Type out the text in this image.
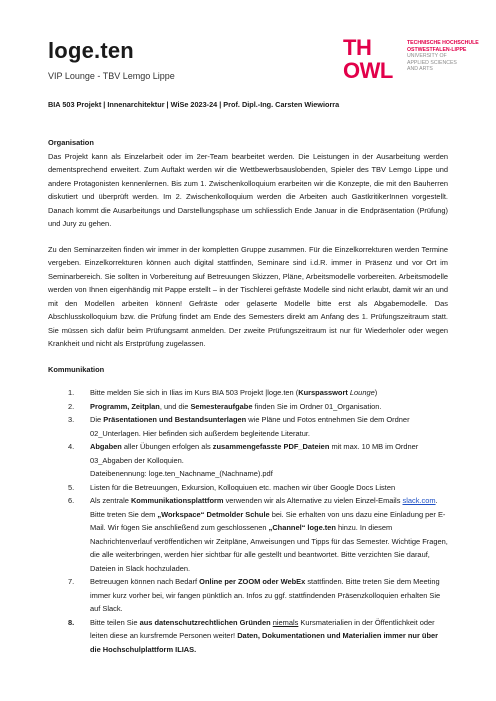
loge.ten
VIP Lounge - TBV Lemgo Lippe
TH
OWL
TECHNISCHE HOCHSCHULE
OSTWESTFALEN-LIPPE
UNIVERSITY OF
APPLIED SCIENCES
AND ARTS
BIA 503 Projekt | Innenarchitektur | WiSe 2023-24 | Prof. Dipl.-Ing. Carsten Wiewiorra
Organisation
Das Projekt kann als Einzelarbeit oder im 2er-Team bearbeitet werden. Die Leistungen in der Ausarbeitung werden dementsprechend erweitert. Zum Auftakt werden wir die Wettbewerbsauslobenden, Spieler des TBV Lemgo Lippe und andere Protagonisten kennenlernen. Bis zum 1. Zwischenkolloquium erarbeiten wir die Konzepte, die mit den Bauherren diskutiert und überprüft werden. Im 2. Zwischenkolloquium werden die Arbeiten auch GastkritikerInnen vorgestellt. Danach kommt die Ausarbeitungs und Darstellungsphase um schliesslich Ende Januar in die Endpräsentation (Prüfung) und Jury zu gehen.
Zu den Seminarzeiten finden wir immer in der kompletten Gruppe zusammen. Für die Einzelkorrekturen werden Termine vergeben. Einzelkorrekturen können auch digital stattfinden, Seminare sind i.d.R. immer in Präsenz und vor Ort im Seminarbereich. Sie sollten in Vorbereitung auf Betreuungen Skizzen, Pläne, Arbeitsmodelle vorbereiten. Arbeitsmodelle werden von Ihnen eigenhändig mit Pappe erstellt – in der Tischlerei gefräste Modelle sind nicht erlaubt, damit wir an und mit den Modellen arbeiten können! Gefräste oder gelaserte Modelle bitte erst als Abgabemodelle. Das Abschlusskolloquium bzw. die Prüfung findet am Ende des Semesters direkt am Anfang des 1. Prüfungszeitraum statt. Sie müssen sich dafür beim Prüfungsamt anmelden. Der zweite Prüfungszeitraum ist nur für Wiederholer oder wegen Krankheit und nicht als Erstprüfung zugelassen.
Kommunikation
1. Bitte melden Sie sich in Ilias im Kurs BIA 503 Projekt |loge.ten (Kurspasswort Lounge)
2. Programm, Zeitplan, und die Semesteraufgabe finden Sie im Ordner 01_Organisation.
3. Die Präsentationen und Bestandsunterlagen wie Pläne und Fotos entnehmen Sie dem Ordner 02_Unterlagen. Hier befinden sich außerdem begleitende Literatur.
4. Abgaben aller Übungen erfolgen als zusammengefasste PDF_Dateien mit max. 10 MB im Ordner 03_Abgaben der Kolloquien.
Dateibenennung: loge.ten_Nachname_(Nachname).pdf
5. Listen für die Betreuungen, Exkursion, Kolloquiuen etc. machen wir über Google Docs Listen
6. Als zentrale Kommunikationsplattform verwenden wir als Alternative zu vielen Einzel-Emails slack.com. Bitte treten Sie dem „Workspace“ Detmolder Schule bei. Sie erhalten von uns dazu eine Einladung per E-Mail. Wir fügen Sie anschließend zum geschlossenen „Channel“ loge.ten hinzu. In diesem Nachrichtenverlauf veröffentlichen wir Zeitpläne, Anweisungen und Tipps für das Semester. Wichtige Fragen, die alle weiterbringen, werden hier sichtbar für alle gestellt und beantwortet. Bitte verzichten Sie darauf, Dateien in Slack hochzuladen.
7. Betreuugen können nach Bedarf Online per ZOOM oder WebEx stattfinden. Bitte treten Sie dem Meeting immer kurz vorher bei, wir fangen pünktlich an. Infos zu ggf. stattfindenden Präsenzkolloquien erhalten Sie auf Slack.
8. Bitte teilen Sie aus datenschutzrechtlichen Gründen niemals Kursmaterialien in der Öffentlichkeit oder leiten diese an kursfremde Personen weiter! Daten, Dokumentationen und Materialien immer nur über die Hochschulplattform ILIAS.
